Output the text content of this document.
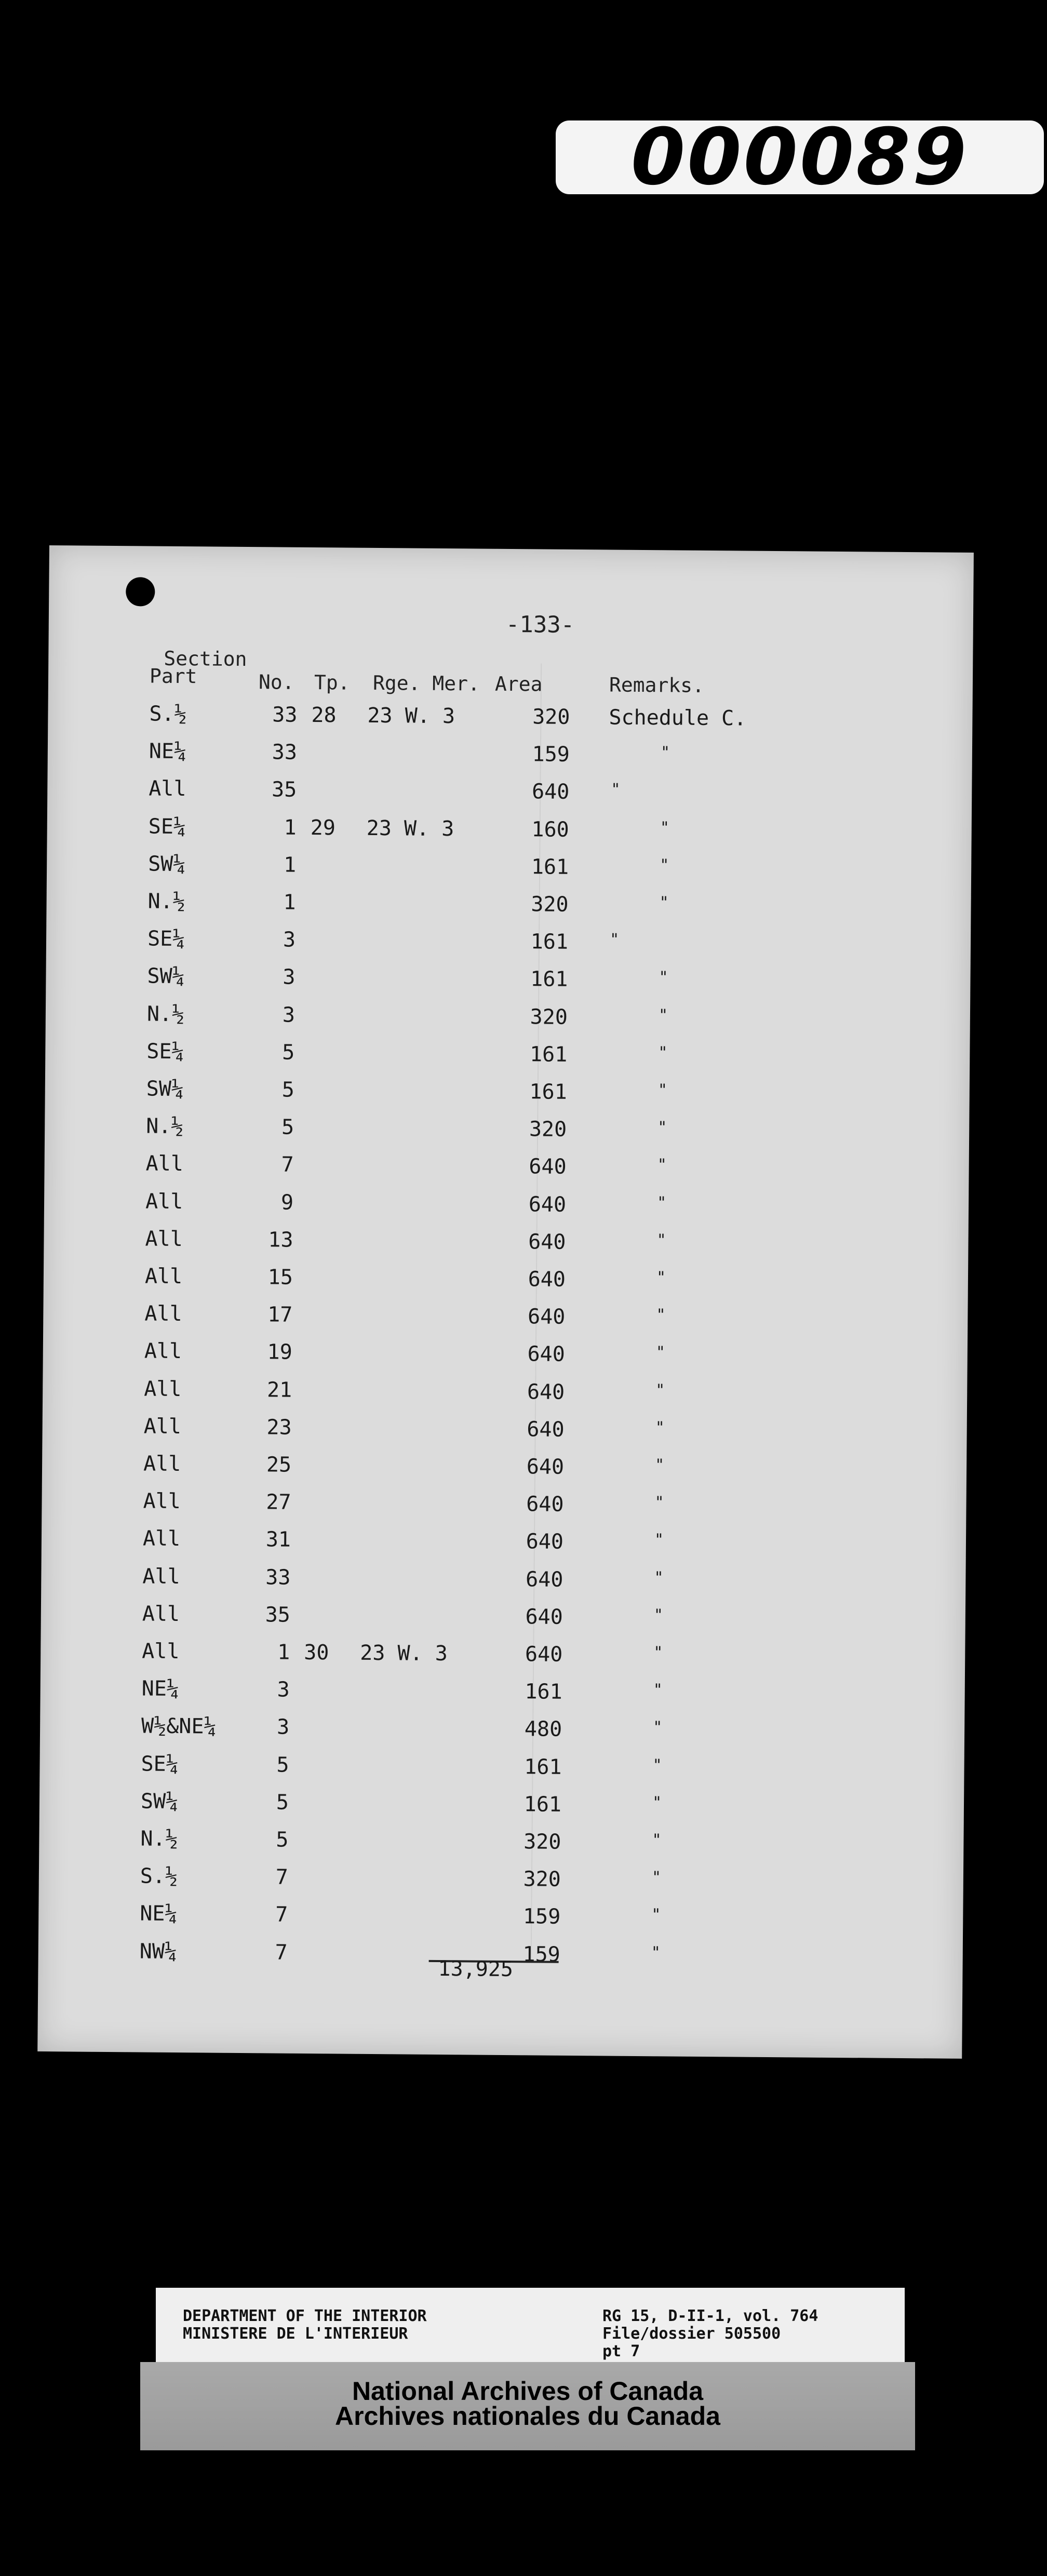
000089
-133-
Section
Part	No. Tp. Rge. Mer. Area	Remarks.
S.½	33 28 23 W. 3	320 Schedule C.
NE¼	33	159	"
All	35	640	"
SE¼	1 29 23 W. 3	160	"
SW¼	1	161	"
N.½	1	320	"
SE¼	3	161	"
SW¼	3	161	"
N.½	3	320	"
SE¼	5	161	"
SW¼	5	161	"
N.½	5	320	"
All	7	640	"
All	9	640	"
All	13	640	"
All	15	640	"
All	17	640	"
All	19	640	"
All	21	640	"
All	23	640	"
All	25	640	"
All	27	640	"
All	31	640	"
All	33	640	"
All	35	640	"
All	1 30 23 W. 3	640	"
NE¼	3	161	"
W½&NE¼	3	480	"
SE¼	5	161	"
SW¼	5	161	"
N.½	5	320	"
S.½	7	320	"
NE¼	7	159	"
NW¼	7	159	"
13,925
DEPARTMENT OF THE INTERIOR
MINISTERE DE L'INTERIEUR
RG 15, D-II-1, vol. 764
File/dossier 505500
pt 7
National Archives of Canada
Archives nationales du Canada
